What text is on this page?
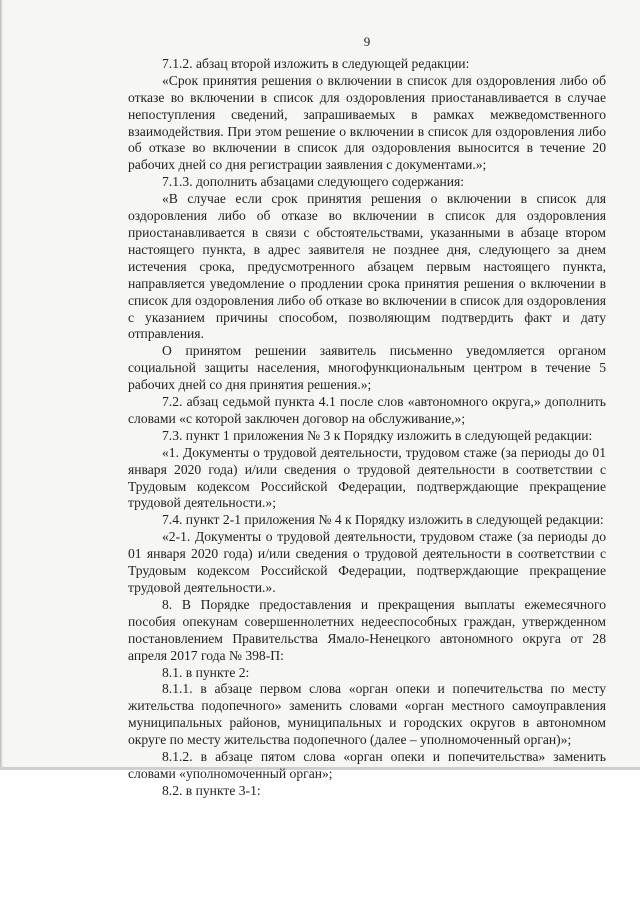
9

7.1.2. абзац второй изложить в следующей редакции:

«Срок принятия решения о включении в список для оздоровления либо об отказе во включении в список для оздоровления приостанавливается в случае непоступления сведений, запрашиваемых в рамках межведомственного взаимодействия. При этом решение о включении в список для оздоровления либо об отказе во включении в список для оздоровления выносится в течение 20 рабочих дней со дня регистрации заявления с документами.»;

7.1.3. дополнить абзацами следующего содержания:

«В случае если срок принятия решения о включении в список для оздоровления либо об отказе во включении в список для оздоровления приостанавливается в связи с обстоятельствами, указанными в абзаце втором настоящего пункта, в адрес заявителя не позднее дня, следующего за днем истечения срока, предусмотренного абзацем первым настоящего пункта, направляется уведомление о продлении срока принятия решения о включении в список для оздоровления либо об отказе во включении в список для оздоровления с указанием причины способом, позволяющим подтвердить факт и дату отправления.

О принятом решении заявитель письменно уведомляется органом социальной защиты населения, многофункциональным центром в течение 5 рабочих дней со дня принятия решения.»;

7.2. абзац седьмой пункта 4.1 после слов «автономного округа,» дополнить словами «с которой заключен договор на обслуживание,»;

7.3. пункт 1 приложения № 3 к Порядку изложить в следующей редакции:

«1. Документы о трудовой деятельности, трудовом стаже (за периоды до 01 января 2020 года) и/или сведения о трудовой деятельности в соответствии с Трудовым кодексом Российской Федерации, подтверждающие прекращение трудовой деятельности.»;

7.4. пункт 2-1 приложения № 4 к Порядку изложить в следующей редакции:

«2-1. Документы о трудовой деятельности, трудовом стаже (за периоды до 01 января 2020 года) и/или сведения о трудовой деятельности в соответствии с Трудовым кодексом Российской Федерации, подтверждающие прекращение трудовой деятельности.».

8. В Порядке предоставления и прекращения выплаты ежемесячного пособия опекунам совершеннолетних недееспособных граждан, утвержденном постановлением Правительства Ямало-Ненецкого автономного округа от 28 апреля 2017 года № 398-П:

8.1. в пункте 2:

8.1.1. в абзаце первом слова «орган опеки и попечительства по месту жительства подопечного» заменить словами «орган местного самоуправления муниципальных районов, муниципальных и городских округов в автономном округе по месту жительства подопечного (далее – уполномоченный орган)»;

8.1.2. в абзаце пятом слова «орган опеки и попечительства» заменить словами «уполномоченный орган»;

8.2. в пункте 3-1:
